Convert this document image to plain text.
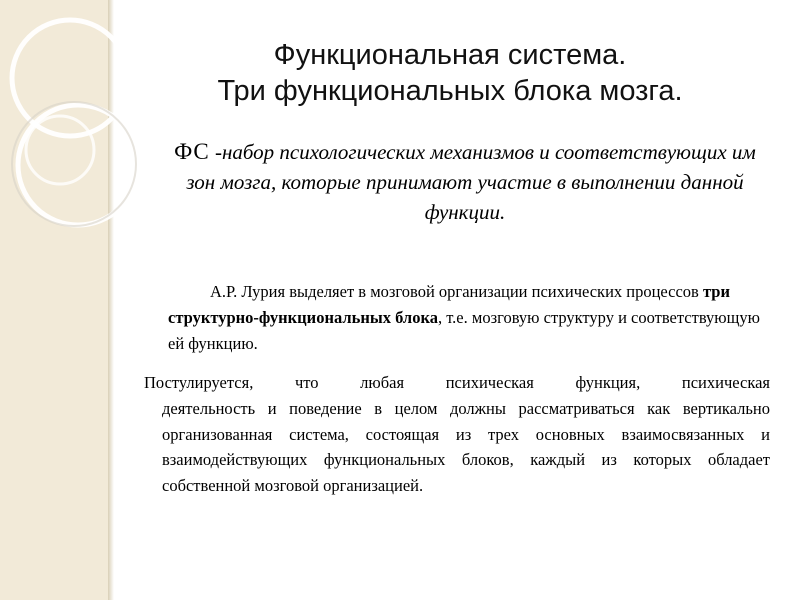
Функциональная система.
Три функциональных блока мозга.
ФС -набор психологических механизмов и соответствующих им зон мозга, которые принимают участие в выполнении данной функции.
А.Р. Лурия выделяет в мозговой организации психических процессов три структурно-функциональных блока, т.е. мозговую структуру и соответствующую ей функцию.
Постулируется, что любая психическая функция, психическая
деятельность и поведение в целом должны рассматриваться как вертикально организованная система, состоящая из трех основных взаимосвязанных и взаимодействующих функциональных блоков, каждый из которых обладает собственной мозговой организацией.
